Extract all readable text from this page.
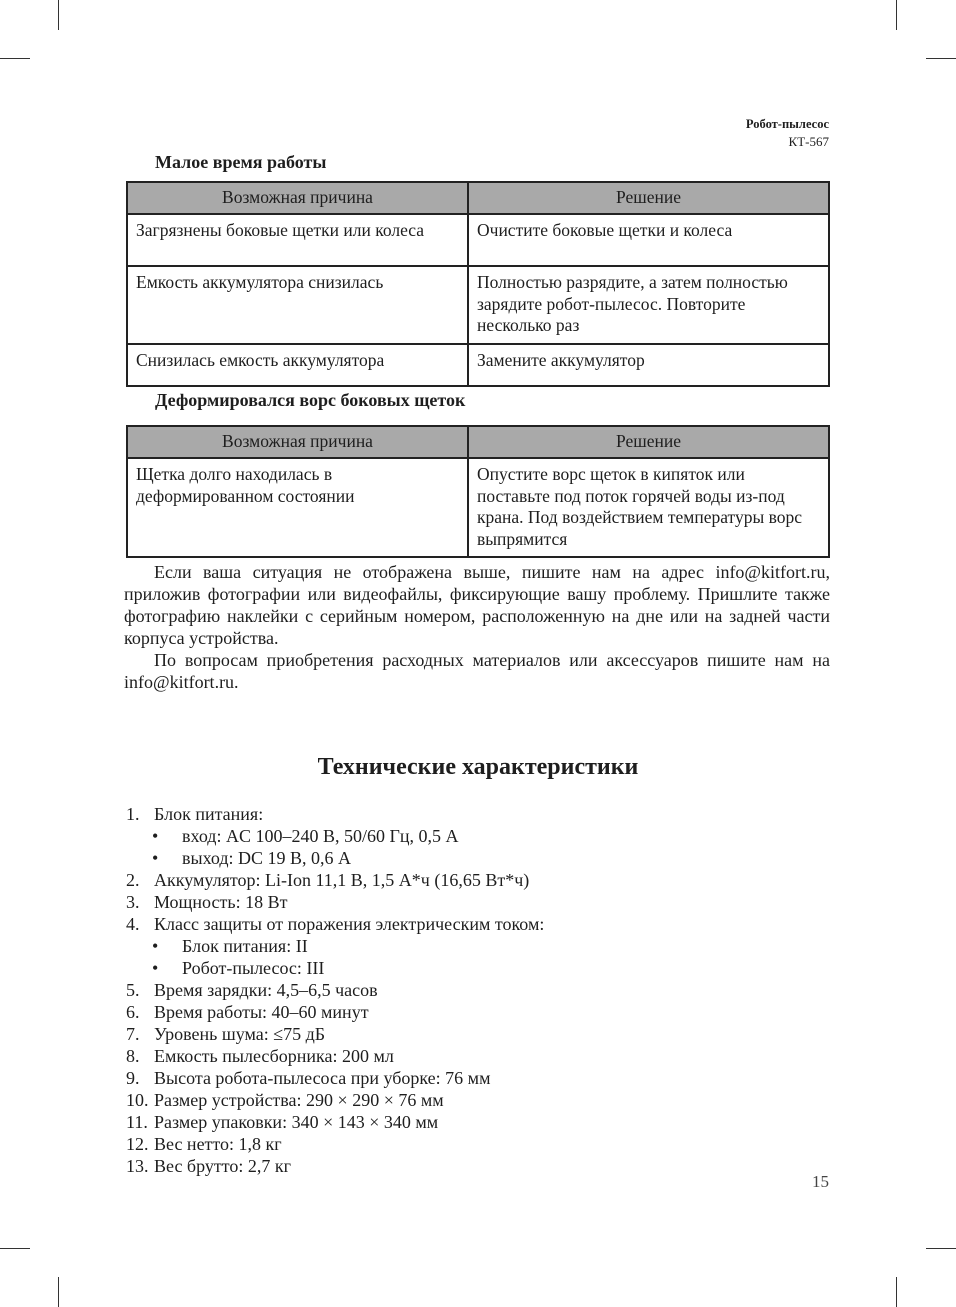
Робот-пылесос
КТ-567
Малое время работы
Возможная причина	Решение
Загрязнены боковые щетки или колеса	Очистите боковые щетки и колеса
Емкость аккумулятора снизилась	Полностью разрядите, а затем полностью зарядите робот-пылесос. Повторите несколько раз
Снизилась емкость аккумулятора	Замените аккумулятор
Деформировался ворс боковых щеток
Возможная причина	Решение
Щетка долго находилась в деформированном состоянии	Опустите ворс щеток в кипяток или поставьте под поток горячей воды из-под крана. Под воздействием температуры ворс выпрямится

Если ваша ситуация не отображена выше, пишите нам на адрес info@kitfort.ru, приложив фотографии или видеофайлы, фиксирующие вашу проблему. Пришлите также фотографию наклейки с серийным номером, расположенную на дне или на задней части корпуса устройства.

По вопросам приобретения расходных материалов или аксессуаров пишите нам на info@kitfort.ru.

Технические характеристики
1. Блок питания:
• вход: AC 100–240 В, 50/60 Гц, 0,5 А
• выход: DC 19 В, 0,6 А
2. Аккумулятор: Li-Ion 11,1 В, 1,5 А*ч (16,65 Вт*ч)
3. Мощность: 18 Вт
4. Класс защиты от поражения электрическим током:
• Блок питания: II
• Робот-пылесос: III
5. Время зарядки: 4,5–6,5 часов
6. Время работы: 40–60 минут
7. Уровень шума: ≤75 дБ
8. Емкость пылесборника: 200 мл
9. Высота робота-пылесоса при уборке: 76 мм
10. Размер устройства: 290 × 290 × 76 мм
11. Размер упаковки: 340 × 143 × 340 мм
12. Вес нетто: 1,8 кг
13. Вес брутто: 2,7 кг
15
